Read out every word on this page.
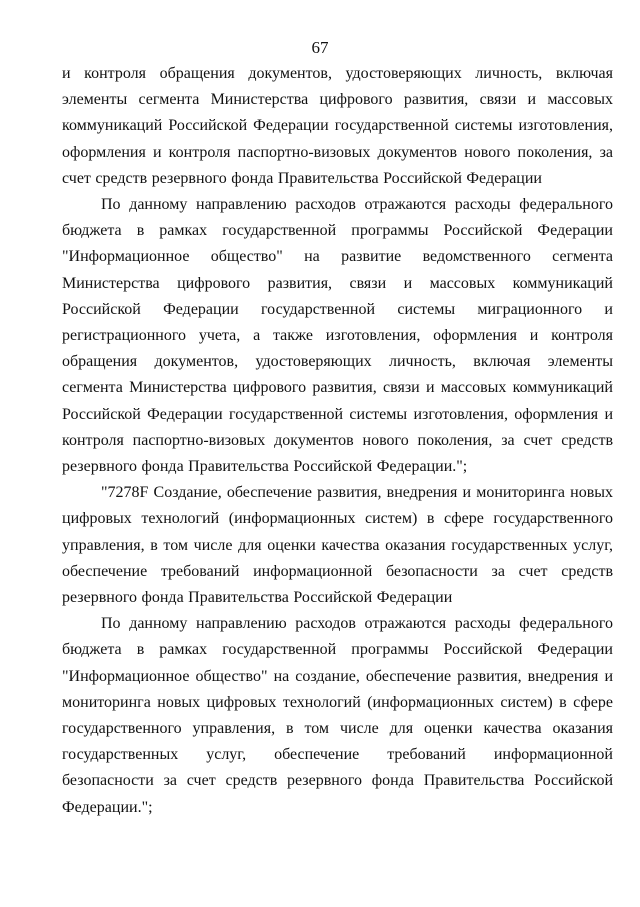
67

и контроля обращения документов, удостоверяющих личность, включая элементы сегмента Министерства цифрового развития, связи и массовых коммуникаций Российской Федерации государственной системы изготовления, оформления и контроля паспортно-визовых документов нового поколения, за счет средств резервного фонда Правительства Российской Федерации

По данному направлению расходов отражаются расходы федерального бюджета в рамках государственной программы Российской Федерации "Информационное общество" на развитие ведомственного сегмента Министерства цифрового развития, связи и массовых коммуникаций Российской Федерации государственной системы миграционного и регистрационного учета, а также изготовления, оформления и контроля обращения документов, удостоверяющих личность, включая элементы сегмента Министерства цифрового развития, связи и массовых коммуникаций Российской Федерации государственной системы изготовления, оформления и контроля паспортно-визовых документов нового поколения, за счет средств резервного фонда Правительства Российской Федерации.";

"7278F Создание, обеспечение развития, внедрения и мониторинга новых цифровых технологий (информационных систем) в сфере государственного управления, в том числе для оценки качества оказания государственных услуг, обеспечение требований информационной безопасности за счет средств резервного фонда Правительства Российской Федерации

По данному направлению расходов отражаются расходы федерального бюджета в рамках государственной программы Российской Федерации "Информационное общество" на создание, обеспечение развития, внедрения и мониторинга новых цифровых технологий (информационных систем) в сфере государственного управления, в том числе для оценки качества оказания государственных услуг, обеспечение требований информационной безопасности за счет средств резервного фонда Правительства Российской Федерации.";
